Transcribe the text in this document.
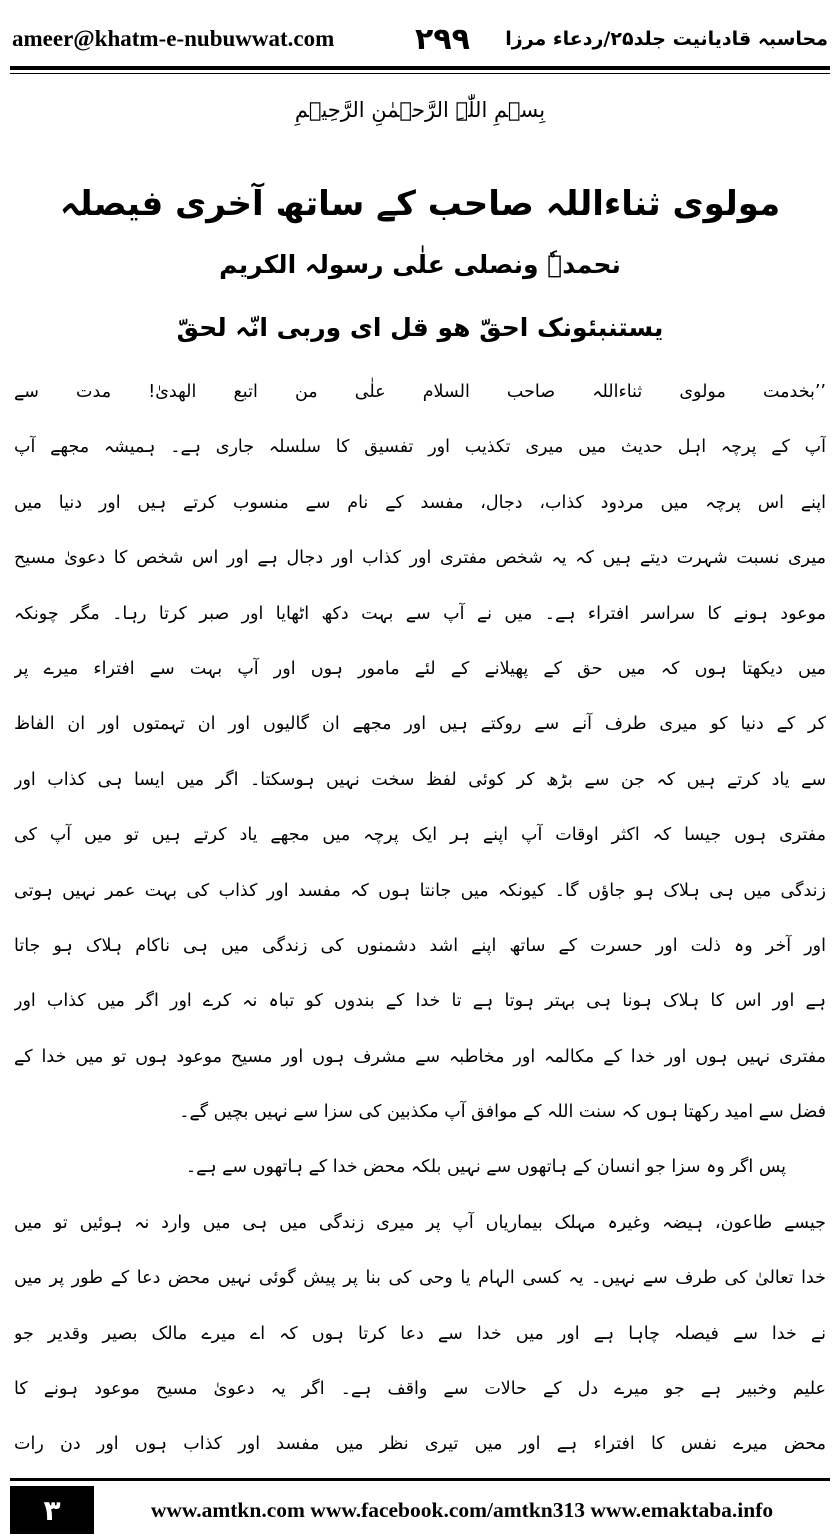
ameer@khatm-e-nubuwwat.com	۲۹۹	محاسبہ قادیانیت جلد۲۵/ردعاء مرزا
بِسۡمِ اللّٰہِ الرَّحۡمٰنِ الرَّحِیۡمِ
مولوی ثناءاللہ صاحب کے ساتھ آخری فیصلہ
نحمدہٗ ونصلی علٰی رسولہ الکریم
یستنبئونک احقّ ھو قل ای وربی انّہ لحقّ
’’بخدمت مولوی ثناءاللہ صاحب السلام علٰی من اتبع الھدیٰ! مدت سے
آپ کے پرچہ اہل حدیث میں میری تکذیب اور تفسیق کا سلسلہ جاری ہے۔ ہمیشہ مجھے آپ
اپنے اس پرچہ میں مردود کذاب، دجال، مفسد کے نام سے منسوب کرتے ہیں اور دنیا میں
میری نسبت شہرت دیتے ہیں کہ یہ شخص مفتری اور کذاب اور دجال ہے اور اس شخص کا دعویٰ مسیح
موعود ہونے کا سراسر افتراء ہے۔ میں نے آپ سے بہت دکھ اٹھایا اور صبر کرتا رہا۔ مگر چونکہ
میں دیکھتا ہوں کہ میں حق کے پھیلانے کے لئے مامور ہوں اور آپ بہت سے افتراء میرے پر
کر کے دنیا کو میری طرف آنے سے روکتے ہیں اور مجھے ان گالیوں اور ان تہمتوں اور ان الفاظ
سے یاد کرتے ہیں کہ جن سے بڑھ کر کوئی لفظ سخت نہیں ہوسکتا۔ اگر میں ایسا ہی کذاب اور
مفتری ہوں جیسا کہ اکثر اوقات آپ اپنے ہر ایک پرچہ میں مجھے یاد کرتے ہیں تو میں آپ کی
زندگی میں ہی ہلاک ہو جاؤں گا۔ کیونکہ میں جانتا ہوں کہ مفسد اور کذاب کی بہت عمر نہیں ہوتی
اور آخر وہ ذلت اور حسرت کے ساتھ اپنے اشد دشمنوں کی زندگی میں ہی ناکام ہلاک ہو جاتا
ہے اور اس کا ہلاک ہونا ہی بہتر ہوتا ہے تا خدا کے بندوں کو تباہ نہ کرے اور اگر میں کذاب اور
مفتری نہیں ہوں اور خدا کے مکالمہ اور مخاطبہ سے مشرف ہوں اور مسیح موعود ہوں تو میں خدا کے
فضل سے امید رکھتا ہوں کہ سنت اللہ کے موافق آپ مکذبین کی سزا سے نہیں بچیں گے۔
پس اگر وہ سزا جو انسان کے ہاتھوں سے نہیں بلکہ محض خدا کے ہاتھوں سے ہے۔
جیسے طاعون، ہیضہ وغیرہ مہلک بیماریاں آپ پر میری زندگی میں ہی میں وارد نہ ہوئیں تو میں
خدا تعالیٰ کی طرف سے نہیں۔ یہ کسی الہام یا وحی کی بنا پر پیش گوئی نہیں محض دعا کے طور پر میں
نے خدا سے فیصلہ چاہا ہے اور میں خدا سے دعا کرتا ہوں کہ اے میرے مالک بصیر وقدیر جو
علیم وخبیر ہے جو میرے دل کے حالات سے واقف ہے۔ اگر یہ دعویٰ مسیح موعود ہونے کا
محض میرے نفس کا افتراء ہے اور میں تیری نظر میں مفسد اور کذاب ہوں اور دن رات
۳	www.amtkn.com www.facebook.com/amtkn313 www.emaktaba.info
